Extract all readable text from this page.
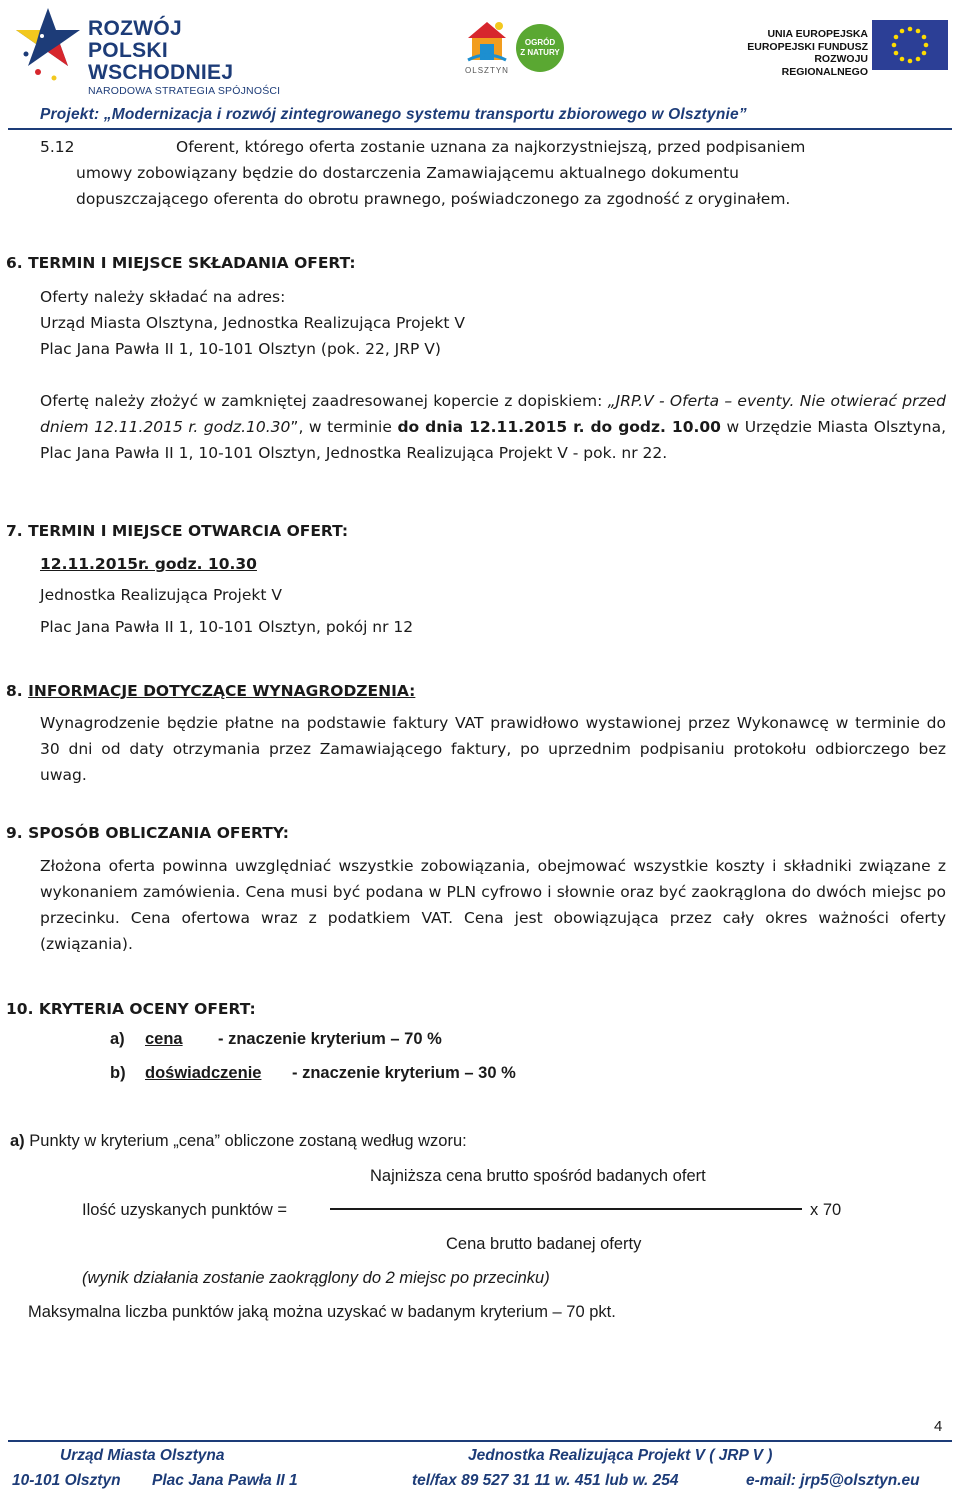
ROZWÓJ
POLSKI WSCHODNIEJ
NARODOWA STRATEGIA SPÓJNOŚCI
OLSZTYN
OGRÓD
Z NATURY
UNIA EUROPEJSKA
EUROPEJSKI FUNDUSZ
ROZWOJU REGIONALNEGO
Projekt: „Modernizacja i rozwój zintegrowanego systemu transportu zbiorowego w Olsztynie”
5.12	Oferent, którego oferta zostanie uznana za najkorzystniejszą, przed podpisaniem
umowy zobowiązany będzie do dostarczenia Zamawiającemu aktualnego dokumentu
dopuszczającego oferenta do obrotu prawnego, poświadczonego za zgodność z oryginałem.
6. TERMIN I MIEJSCE SKŁADANIA OFERT:
Oferty należy składać na adres:
Urząd Miasta Olsztyna, Jednostka Realizująca Projekt V
Plac Jana Pawła II 1, 10-101 Olsztyn (pok. 22, JRP V)
Ofertę należy złożyć w zamkniętej zaadresowanej kopercie z dopiskiem: „JRP.V - Oferta – eventy. Nie otwierać przed dniem 12.11.2015 r. godz.10.30”, w terminie do dnia 12.11.2015 r. do godz. 10.00 w Urzędzie Miasta Olsztyna, Plac Jana Pawła II 1, 10-101 Olsztyn, Jednostka Realizująca Projekt V - pok. nr 22.
7. TERMIN I MIEJSCE OTWARCIA OFERT:
12.11.2015r. godz. 10.30
Jednostka Realizująca Projekt V
Plac Jana Pawła II 1, 10-101 Olsztyn, pokój nr 12
8. INFORMACJE DOTYCZĄCE WYNAGRODZENIA:
Wynagrodzenie będzie płatne na podstawie faktury VAT prawidłowo wystawionej przez Wykonawcę w terminie do 30 dni od daty otrzymania przez Zamawiającego faktury, po uprzednim podpisaniu protokołu odbiorczego bez uwag.
9. SPOSÓB OBLICZANIA OFERTY:
Złożona oferta powinna uwzględniać wszystkie zobowiązania, obejmować wszystkie koszty i składniki związane z wykonaniem zamówienia. Cena musi być podana w PLN cyfrowo i słownie oraz być zaokrąglona do dwóch miejsc po przecinku. Cena ofertowa wraz z podatkiem VAT. Cena jest obowiązująca przez cały okres ważności oferty (związania).
10. KRYTERIA OCENY OFERT:
a) cena - znaczenie kryterium – 70 %
b) doświadczenie - znaczenie kryterium – 30 %
a) Punkty w kryterium „cena” obliczone zostaną według wzoru:
Najniższa cena brutto spośród badanych ofert
Ilość uzyskanych punktów =	x 70
Cena brutto badanej oferty
(wynik działania zostanie zaokrąglony do 2 miejsc po przecinku)
Maksymalna liczba punktów jaką można uzyskać w badanym kryterium – 70 pkt.
4
Urząd Miasta Olsztyna	Jednostka Realizująca Projekt V ( JRP V )
10-101 Olsztyn Plac Jana Pawła II 1	tel/fax 89 527 31 11 w. 451 lub w. 254	e-mail: jrp5@olsztyn.eu
